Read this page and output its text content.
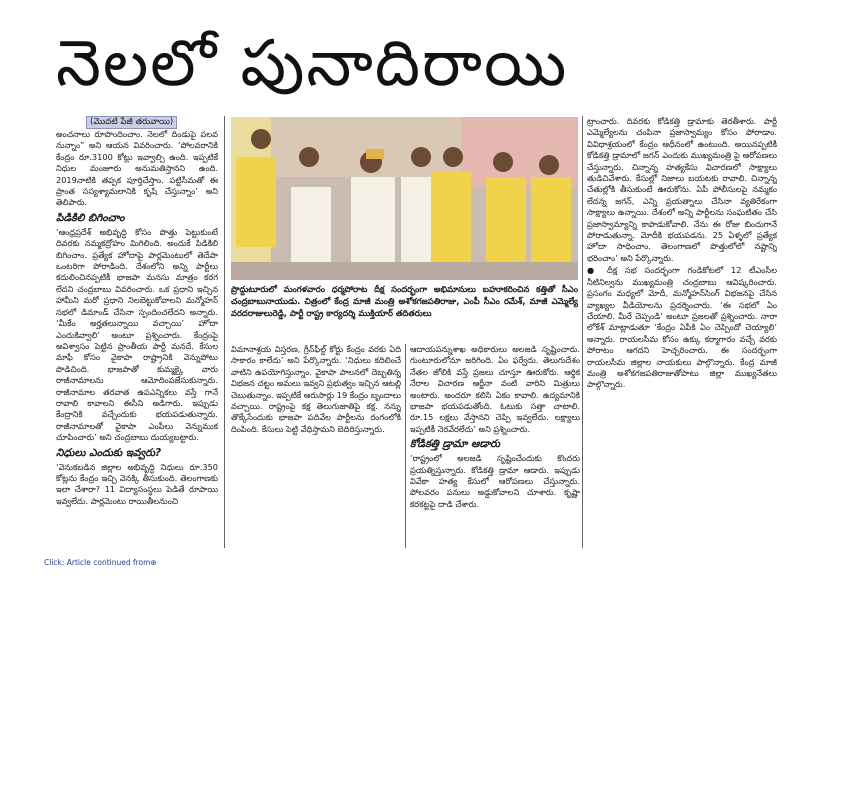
నెలలో పునాదిరాయి
(మొదటి పేజీ తరువాయి)

అంచనాలు రూపొందించాం. నెలలో దిండుపై పలవ నున్నాం” అని ఆయన వివరించారు. ‘పోలవరానికి కేంద్రం రూ.3100 కోట్లు ఇవ్వాల్సి ఉంది. ఇప్పటికే నిధుల మంజూరు అనుమతిస్తానని ఉంది. 2019నాటికి తప్పక పూర్తిచేస్తాం. పట్టిసీమతో ఈ ప్రాంత సస్యశ్యామలానికి కృషి చేస్తున్నాం’ అని తెలిపారు.

పిడికిలి బిగించాం

‘ఆంధ్రప్రదేశ్ అభివృద్ధి కోసం పొత్తు పెట్టుకుంటే దివరకు నమ్మకద్రోహం మిగిలింది. అందుకే పిడికిలి బిగించాం. ప్రత్యేక హోదాపై పార్లమెంటులో తెదేపా ఒంటరిగా పోరాడింది. దేశంలోని అన్ని పార్టీలు కదులించినప్పటికీ భాజపా మనసు మాత్రం కరగ లేదని చంద్రబాబు వివరించారు. ఒక ప్రధాని ఇచ్చిన హామీని మరో ప్రధాని నిలబెట్టుకోవాలని మన్మోహన్ సభలో డిమాండ్ చేసినా స్పందించలేదని అన్నారు. ‘మీకేం అర్హతలున్నాయి వచ్చాయి’ హోదా ఎందుకివ్వాలి’ అంటూ ప్రశ్నించారు. కేంద్రంపై అవిశ్వాసం పెట్టిన ప్రాంతీయ పార్టీ మనదే. కేసుల మాఫీ కోసం వైకాపా రాష్ట్రానికి వెన్నుపోటు పొడిచింది. భాజపాతో కుమ్మక్కై వారు రాజీనామాలను ఆమోదింపజేసుకున్నారు. రాజీనామాల తరవాత ఉపఎన్నికలు వస్తే గానే రావాలి కావాలని ఈసీని అడిగారు. ఇప్పుడు కేంద్రానికి వచ్చేందుకు భయపడుతున్నారు. రాజీనామాలతో వైకాపా ఎంపీలు వెన్నుముక చూపించారు’ అని చంద్రబాబు దుయ్యబట్టారు.

నిధులు ఎందుకు ఇవ్వరు?

‘వెనుకబడిన జిల్లాల అభివృద్ధి నిధులు రూ.350 కోట్లను కేంద్రం ఇచ్చి వెనక్కి తీసుకుంది. తెలంగాణకు ఇలా చేశారా? 11 విద్యాసంస్థలు పెడితే రూపాయి ఇవ్వలేదు. పార్లమెంటు రాయితీలనుంచి

ప్రొద్దుటూరులో మంగళవారం ధర్మపోరాట దీక్ష సందర్భంగా అభిమానులు బహూకరించిన కత్తితో సీఎం చంద్రబాబునాయుడు. చిత్రంలో కేంద్ర మాజీ మంత్రి అశోకగజపతిరాజు, ఎంపీ సీఎం రమేశ్, మాజీ ఎమ్మెల్యే వరదరాజులురెడ్డి, పార్టీ రాష్ట్ర కార్యదర్శి ముక్తియార్ తదితరులు

విమానాశ్రయ విస్తరణ, గ్రీన్‌ఫీల్డ్ కోర్టు కేంద్రం వరకు ఏది సాకారం కాలేదు’ అని పేర్కొన్నారు. ‘నిధులు కదిలించే వాటిని ఉపయోగిస్తున్నాం. వైకాపా పాలనలో దెబ్బతిన్న విభజన చట్టం అమలు ఇవ్వని ప్రభుత్వం ఇచ్చిన ఆటల్లి చెబుతున్నాం. ఇప్పటికే ఆరుసార్లు 19 కేంద్రం బృందాలు వచ్చాయి. రాష్ట్రంపై కక్ష తెలుగుజాతిపై కక్ష. నన్ను తొక్కేసేందుకు భాజపా పదివేల పార్టీలను రంగంలోకి దింపింది. కేసులు పెట్టి వేధిస్తామని బెదిరిస్తున్నారు.

ఆదాయపన్నుశాఖ అధికారులు అలజడి సృష్టించారు. గుంటూరులోనూ జరిగింది. ఏం ఫర్వేదు. తెలుగుదేశం నేతల జోలికి వస్తే ప్రజలు చూస్తూ ఊరుకోరు. ఆర్థిక నేరాల విచారణ ఆర్జీనా వంటి వారిని మిత్రులు అంటారు. అందరూ కలిసి ఏకం కావాలి. ఉద్యమానికి భాజపా భయపడుతోంది. ఓటుకు సత్తా చాటాలి. రూ.15 లక్షలు వేస్తానని చెప్పి ఇవ్వలేదు. లక్ష్యాలు ఇప్పటికీ నెరవేరలేదు’ అని ప్రశ్నించారు.

కోడికత్తి డ్రామా ఆడారు

‘రాష్ట్రంలో అలజడి సృష్టించేందుకు కొందరు ప్రయత్నిస్తున్నారు. కోడికత్తి డ్రామా ఆడారు. ఇప్పుడు వివేకా హత్య కేసులో ఆరోపణలు చేస్తున్నారు. పోలవరం పనులు అడ్డుకోవాలని చూశారు. కృష్ణా కరకట్టపై దాడి చేశారు.

ట్రాంచారు. దివరకు కోడికత్తి డ్రామాకు తెరతీశారు. పార్టీ ఎమ్మెల్యేలను చంపినా ప్రజాస్వామ్యం కోసం పోరాడాం. వివిధాశ్రయంలో కేంద్రం ఆధీనంలో ఉంటుంది. అయినప్పటికీ కోడికత్తి డ్రామాలో జగన్ ఎందుకు ముఖ్యమంత్రి పై ఆరోపణలు చేస్తున్నారు. చిన్నాన్న హత్యకేసు విచారణలో సాక్ష్యాలు తుడిచివేశారు. కేసుల్లో నిజాలు బయటకు రావాలి. చిన్నాన్న చేతుల్లోకి తీసుకుంటే ఊరుకోను. ఏపీ పోలీసులపై నమ్మకం లేదన్న జగన్, ఎన్ని ప్రయత్నాలు చేసినా వ్యతిరేకంగా సాక్ష్యాలు ఉన్నాయి. దేశంలో అన్ని పార్టీలను సంఘటితం చేసి ప్రజాస్వామ్యాన్ని కాపాడుకోవాలి. నేను ఈ రోజు బిందుగానే పోరాడుతున్నా. మోదీకి భయపడను. 25 ఏళ్ళలో ప్రత్యేక హోదా సాధించాం. తెలంగాణలో పొత్తులోలో నష్టాన్ని భరించాం’ అని పేర్కొన్నారు.

● దీక్ష సభ సందర్భంగా గండికోటలో 12 టీఎంసీల నీటినిల్వను ముఖ్యమంత్రి చంద్రబాబు ఆవిష్కరించారు. ప్రసంగం మధ్యలో మోదీ, మన్మోహన్‌సింగ్ విభజనపై చేసిన వ్యాఖ్యల వీడియోలను ప్రదర్శించారు. ‘ఈ సభలో ఏం చేయాలి. మీరే చెప్పండి’ అంటూ ప్రజలతో ప్రశ్నించారు. నారా లోకేశ్ మాట్లాడుతూ ‘కేంద్రం ఏపీకి ఏం చెప్పిందో చెయ్యాలి’ అన్నారు. రాయలసీమ కోసం ఉక్కు కర్మాగారం వచ్చే వరకు పోరాటం ఆగదని హెచ్చరించారు. ఈ సందర్భంగా రాయలసీమ జిల్లాల నాయకులు పాల్గొన్నారు. కేంద్ర మాజీ మంత్రి అశోకగజపతిరాజుతోపాటు జిల్లా ముఖ్యనేతలు పాల్గొన్నారు.

Click: Article continued from⊕
